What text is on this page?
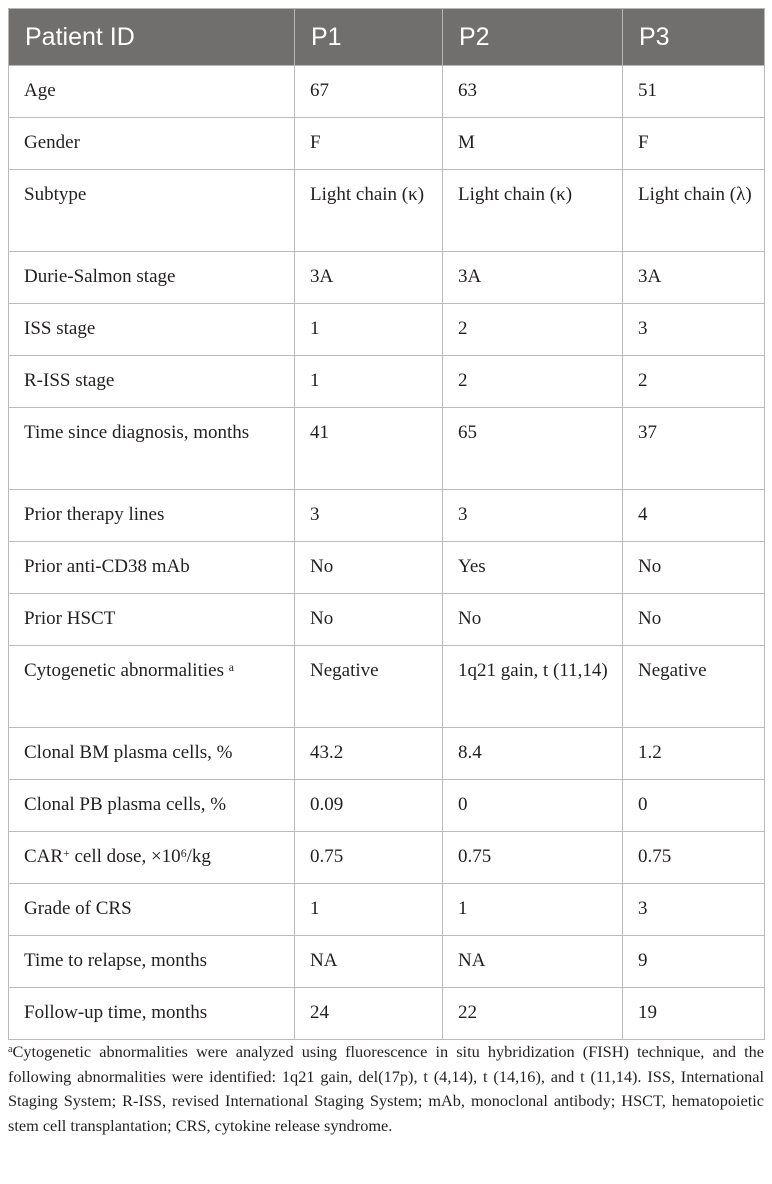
Patient ID	P1	P2	P3
Age	67	63	51
Gender	F	M	F
Subtype	Light chain (κ)	Light chain (κ)	Light chain (λ)
Durie-Salmon stage	3A	3A	3A
ISS stage	1	2	3
R-ISS stage	1	2	2
Time since diagnosis, months	41	65	37
Prior therapy lines	3	3	4
Prior anti-CD38 mAb	No	Yes	No
Prior HSCT	No	No	No
Cytogenetic abnormalities $^a$	Negative	1q21 gain, t (11,14)	Negative
Clonal BM plasma cells, %	43.2	8.4	1.2
Clonal PB plasma cells, %	0.09	0	0
CAR+ cell dose, $\times 10^6/kg$	0.75	0.75	0.75
Grade of CRS	1	1	3
Time to relapse, months	NA	NA	9
Follow-up time, months	24	22	19
$^a$Cytogenetic abnormalities were analyzed using fluorescence in situ hybridization (FISH) technique, and the following abnormalities were identified: 1q21 gain, del(17p), t (4,14), t (14,16), and t (11,14). ISS, International Staging System; R-ISS, revised International Staging System; mAb, monoclonal antibody; HSCT, hematopoietic stem cell transplantation; CRS, cytokine release syndrome.
